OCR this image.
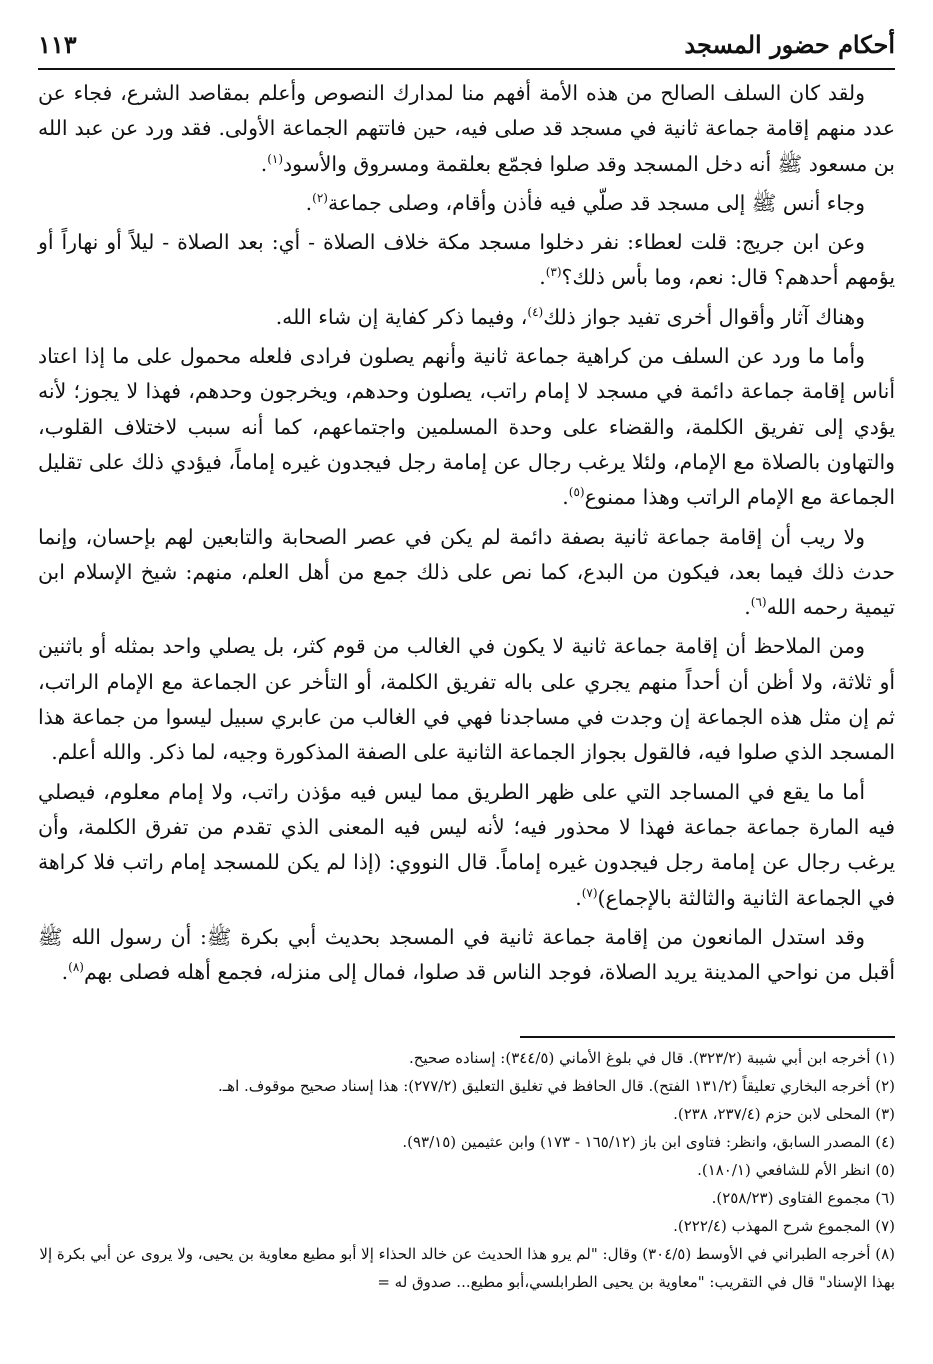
أحكام حضور المسجد
١١٣

ولقد كان السلف الصالح من هذه الأمة أفهم منا لمدارك النصوص وأعلم بمقاصد الشرع، فجاء عن عدد منهم إقامة جماعة ثانية في مسجد قد صلى فيه، حين فاتتهم الجماعة الأولى. فقد ورد عن عبد الله بن مسعود ﷺ أنه دخل المسجد وقد صلوا فجمّع بعلقمة ومسروق والأسود$^{(١)}$.

وجاء أنس ﷺ إلى مسجد قد صلّي فيه فأذن وأقام، وصلى جماعة$^{(٢)}$.

وعن ابن جريج: قلت لعطاء: نفر دخلوا مسجد مكة خلاف الصلاة - أي: بعد الصلاة - ليلاً أو نهاراً أو يؤمهم أحدهم؟ قال: نعم، وما بأس ذلك؟$^{(٣)}$.

وهناك آثار وأقوال أخرى تفيد جواز ذلك$^{(٤)}$، وفيما ذكر كفاية إن شاء الله.

وأما ما ورد عن السلف من كراهية جماعة ثانية وأنهم يصلون فرادى فلعله محمول على ما إذا اعتاد أناس إقامة جماعة دائمة في مسجد لا إمام راتب، يصلون وحدهم، ويخرجون وحدهم، فهذا لا يجوز؛ لأنه يؤدي إلى تفريق الكلمة، والقضاء على وحدة المسلمين واجتماعهم، كما أنه سبب لاختلاف القلوب، والتهاون بالصلاة مع الإمام، ولئلا يرغب رجال عن إمامة رجل فيجدون غيره إماماً، فيؤدي ذلك على تقليل الجماعة مع الإمام الراتب وهذا ممنوع$^{(٥)}$.

ولا ريب أن إقامة جماعة ثانية بصفة دائمة لم يكن في عصر الصحابة والتابعين لهم بإحسان، وإنما حدث ذلك فيما بعد، فيكون من البدع، كما نص على ذلك جمع من أهل العلم، منهم: شيخ الإسلام ابن تيمية رحمه الله$^{(٦)}$.

ومن الملاحظ أن إقامة جماعة ثانية لا يكون في الغالب من قوم كثر، بل يصلي واحد بمثله أو باثنين أو ثلاثة، ولا أظن أن أحداً منهم يجري على باله تفريق الكلمة، أو التأخر عن الجماعة مع الإمام الراتب، ثم إن مثل هذه الجماعة إن وجدت في مساجدنا فهي في الغالب من عابري سبيل ليسوا من جماعة هذا المسجد الذي صلوا فيه، فالقول بجواز الجماعة الثانية على الصفة المذكورة وجيه، لما ذكر. والله أعلم.

أما ما يقع في المساجد التي على ظهر الطريق مما ليس فيه مؤذن راتب، ولا إمام معلوم، فيصلي فيه المارة جماعة جماعة فهذا لا محذور فيه؛ لأنه ليس فيه المعنى الذي تقدم من تفرق الكلمة، وأن يرغب رجال عن إمامة رجل فيجدون غيره إماماً. قال النووي: (إذا لم يكن للمسجد إمام راتب فلا كراهة في الجماعة الثانية والثالثة بالإجماع)$^{(٧)}$.

وقد استدل المانعون من إقامة جماعة ثانية في المسجد بحديث أبي بكرة ﷺ: أن رسول الله ﷺ أقبل من نواحي المدينة يريد الصلاة، فوجد الناس قد صلوا، فمال إلى منزله، فجمع أهله فصلى بهم$^{(٨)}$.

(١) أخرجه ابن أبي شيبة (٣٢٣/٢). قال في بلوغ الأماني (٣٤٤/٥): إسناده صحيح.
(٢) أخرجه البخاري تعليقاً (١٣١/٢ الفتح). قال الحافظ في تغليق التعليق (٢٧٧/٢): هذا إسناد صحيح موقوف. اهـ.
(٣) المحلى لابن حزم (٢٣٧/٤، ٢٣٨).
(٤) المصدر السابق، وانظر: فتاوى ابن باز (١٦٥/١٢ - ١٧٣) وابن عثيمين (٩٣/١٥).
(٥) انظر الأم للشافعي (١٨٠/١).
(٦) مجموع الفتاوى (٢٥٨/٢٣).
(٧) المجموع شرح المهذب (٢٢٢/٤).
(٨) أخرجه الطبراني في الأوسط (٣٠٤/٥) وقال: "لم يرو هذا الحديث عن خالد الحذاء إلا أبو مطيع معاوية بن يحيى، ولا يروى عن أبي بكرة إلا بهذا الإسناد" قال في التقريب: "معاوية بن يحيى الطرابلسي،أبو مطيع... صدوق له =
